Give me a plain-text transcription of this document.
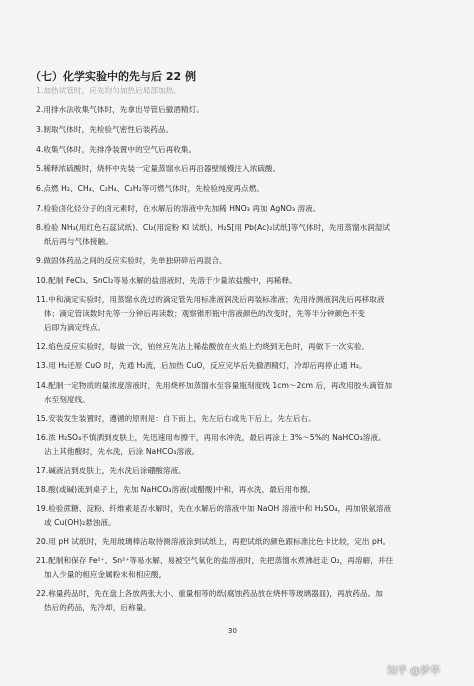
（七）化学实验中的先与后 22 例
1.加热试管时，应先均匀加热后局部加热。
2.用排水法收集气体时，先拿出导管后撤酒精灯。
3.制取气体时，先检验气密性后装药品。
4.收集气体时，先排净装置中的空气后再收集。
5.稀释浓硫酸时，烧杯中先装一定量蒸馏水后再沿器壁缓慢注入浓硫酸。
6.点燃 H₂、CH₄、C₂H₄、C₂H₂等可燃气体时，先检验纯度再点燃。
7.检验卤化烃分子的卤元素时，在水解后的溶液中先加稀 HNO₃ 再加 AgNO₃ 溶液。
8.检验 NH₃(用红色石蕊试纸)、Cl₂(用淀粉 KI 试纸)、H₂S[用 Pb(Ac)₂试纸]等气体时，先用蒸馏水润湿试
纸后再与气体接触。
9.做固体药品之间的反应实验时，先单独研碎后再混合。
10.配制 FeCl₃、SnCl₂等易水解的盐溶液时，先溶于少量浓盐酸中，再稀释。
11.中和滴定实验时，用蒸馏水洗过的滴定管先用标准液润洗后再装标准液；先用待测液润洗后再移取液
体；滴定管读数时先等一分钟后再读数；观察锥形瓶中溶液颜色的改变时，先等半分钟颜色不变
后即为滴定终点。
12.焰色反应实验时，每做一次，铂丝应先沾上稀盐酸放在火焰上灼烧到无色时，再做下一次实验。
13.用 H₂还原 CuO 时，先通 H₂流，后加热 CuO，反应完毕后先撤酒精灯，冷却后再停止通 H₂。
14.配制一定物质的量浓度溶液时，先用烧杯加蒸馏水至容量瓶刻度线 1cm～2cm 后，再改用胶头滴管加
水至刻度线。
15.安装发生装置时，遵循的原则是：自下而上，先左后右或先下后上，先左后右。
16.浓 H₂SO₄不慎洒到皮肤上，先迅速用布擦干，再用水冲洗，最后再涂上 3%～5%的 NaHCO₃溶液。
沾上其他酸时，先水洗，后涂 NaHCO₃溶液。
17.碱液沾到皮肤上，先水洗后涂硼酸溶液。
18.酸(或碱)流到桌子上，先加 NaHCO₃溶液(或醋酸)中和，再水洗，最后用布擦。
19.检验蔗糖、淀粉、纤维素是否水解时，先在水解后的溶液中加 NaOH 溶液中和 H₂SO₄，再加银氨溶液
或 Cu(OH)₂悬浊液。
20.用 pH 试纸时，先用玻璃棒沾取待测溶液涂到试纸上，再把试纸的颜色跟标准比色卡比较，定出 pH。
21.配制和保存 Fe²⁺、Sn²⁺等易水解、易被空气氧化的盐溶液时，先把蒸馏水煮沸赶走 O₂，再溶解，并往
加入少量的相应金属粉末和相应酸。
22.称量药品时，先在盘上各放两张大小、重量相等的纸(腐蚀药品放在烧杯等玻璃器皿)，再放药品。加
热后的药品，先冷却，后称量。
30
知乎 @梦华
